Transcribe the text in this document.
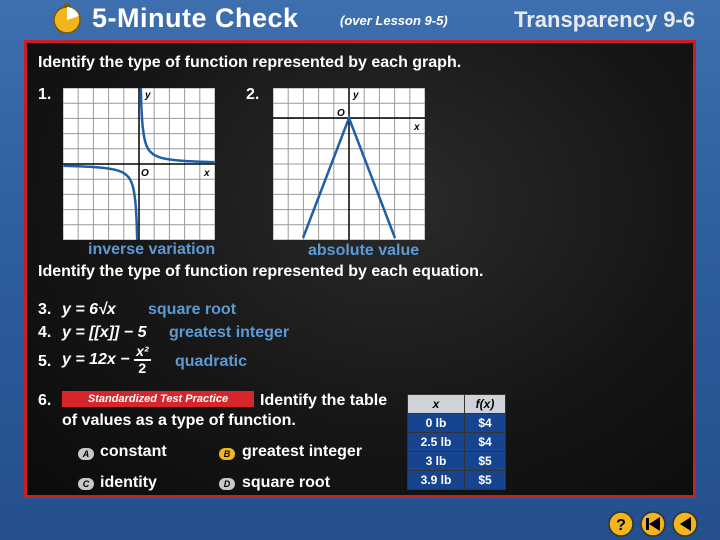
5-Minute Check	(over Lesson 9-5)	Transparency 9-6
Identify the type of function represented by each graph.
1.	2.
y
x
O
y
x
O
inverse variation	absolute value
Identify the type of function represented by each equation.
3. y = 6√x square root
4. y = [[x]] − 5 greatest integer
5. $y = 12x - \frac{\text{x²}}{2}$ quadratic
6.	Standardized Test Practice	Identify the table
of values as a type of function.
A constant	B greatest integer
C identity	D square root
x	f(x)
0 lb	$4
2.5 lb	$4
3 lb	$5
3.9 lb	$5
?
